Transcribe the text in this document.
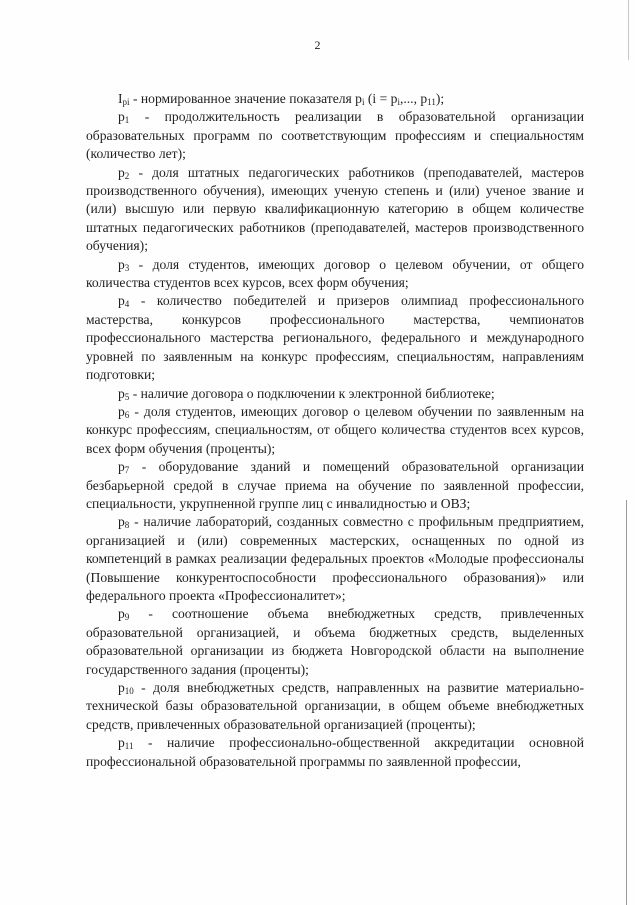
2

$I_{pi}$ - нормированное значение показателя $p_i$ ($i = p_i$,..., $p_{11}$);

$p_1$ - продолжительность реализации в образовательной организации образовательных программ по соответствующим профессиям и специальностям (количество лет);

$p_2$ - доля штатных педагогических работников (преподавателей, мастеров производственного обучения), имеющих ученую степень и (или) ученое звание и (или) высшую или первую квалификационную категорию в общем количестве штатных педагогических работников (преподавателей, мастеров производственного обучения);

$p_3$ - доля студентов, имеющих договор о целевом обучении, от общего количества студентов всех курсов, всех форм обучения;

$p_4$ - количество победителей и призеров олимпиад профессионального мастерства, конкурсов профессионального мастерства, чемпионатов профессионального мастерства регионального, федерального и международного уровней по заявленным на конкурс профессиям, специальностям, направлениям подготовки;

$p_5$ - наличие договора о подключении к электронной библиотеке;

$p_6$ - доля студентов, имеющих договор о целевом обучении по заявленным на конкурс профессиям, специальностям, от общего количества студентов всех курсов, всех форм обучения (проценты);

$p_7$ - оборудование зданий и помещений образовательной организации безбарьерной средой в случае приема на обучение по заявленной профессии, специальности, укрупненной группе лиц с инвалидностью и ОВЗ;

$p_8$ - наличие лабораторий, созданных совместно с профильным предприятием, организацией и (или) современных мастерских, оснащенных по одной из компетенций в рамках реализации федеральных проектов «Молодые профессионалы (Повышение конкурентоспособности профессионального образования)» или федерального проекта «Профессионалитет»;

$p_9$ - соотношение объема внебюджетных средств, привлеченных образовательной организацией, и объема бюджетных средств, выделенных образовательной организации из бюджета Новгородской области на выполнение государственного задания (проценты);

$p_{10}$ - доля внебюджетных средств, направленных на развитие материально-технической базы образовательной организации, в общем объеме внебюджетных средств, привлеченных образовательной организацией (проценты);

$p_{11}$ - наличие профессионально-общественной аккредитации основной профессиональной образовательной программы по заявленной профессии,
